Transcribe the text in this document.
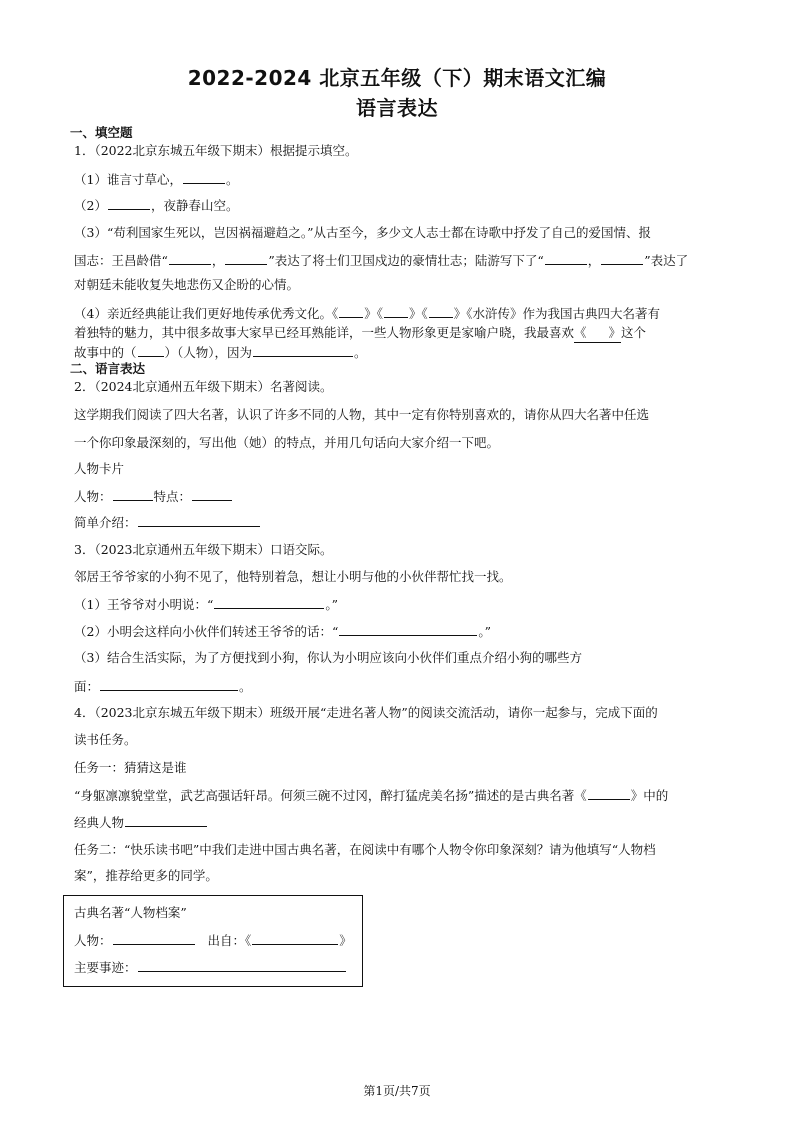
2022-2024 北京五年级（下）期末语文汇编
语言表达
一、填空题
1．（2022北京东城五年级下期末）根据提示填空。
（1）谁言寸草心，	。
（2）	，夜静春山空。
（3）“苟利国家生死以，岂因祸福避趋之。”从古至今，多少文人志士都在诗歌中抒发了自己的爱国情、报
国志：王昌龄借“	，	”表达了将士们卫国戍边的豪情壮志；陆游写下了“	，	”表达了
对朝廷未能收复失地悲伤又企盼的心情。
（4）亲近经典能让我们更好地传承优秀文化。《 》《 》《 》《水浒传》作为我国古典四大名著有
着独特的魅力，其中很多故事大家早已经耳熟能详，一些人物形象更是家喻户晓，我最喜欢《 》这个
故事中的（ ）（人物），因为	。
二、语言表达
2．（2024北京通州五年级下期末）名著阅读。
这学期我们阅读了四大名著，认识了许多不同的人物，其中一定有你特别喜欢的，请你从四大名著中任选
一个你印象最深刻的，写出他（她）的特点，并用几句话向大家介绍一下吧。
人物卡片
人物：	特点：
简单介绍：
3．（2023北京通州五年级下期末）口语交际。
邻居王爷爷家的小狗不见了，他特别着急，想让小明与他的小伙伴帮忙找一找。
（1）王爷爷对小明说：“	。”
（2）小明会这样向小伙伴们转述王爷爷的话：“	。”
（3）结合生活实际，为了方便找到小狗，你认为小明应该向小伙伴们重点介绍小狗的哪些方
面：	。
4．（2023北京东城五年级下期末）班级开展“走进名著人物”的阅读交流活动，请你一起参与，完成下面的
读书任务。
任务一：猜猜这是谁
“身躯凛凛貌堂堂，武艺高强话轩昂。何须三碗不过冈，醉打猛虎美名扬”描述的是古典名著《	》中的
经典人物
任务二：“快乐读书吧”中我们走进中国古典名著，在阅读中有哪个人物令你印象深刻？请为他填写“人物档
案”，推荐给更多的同学。
古典名著“人物档案”
人物：	出自：《	》
主要事迹：
第1页/共7页
